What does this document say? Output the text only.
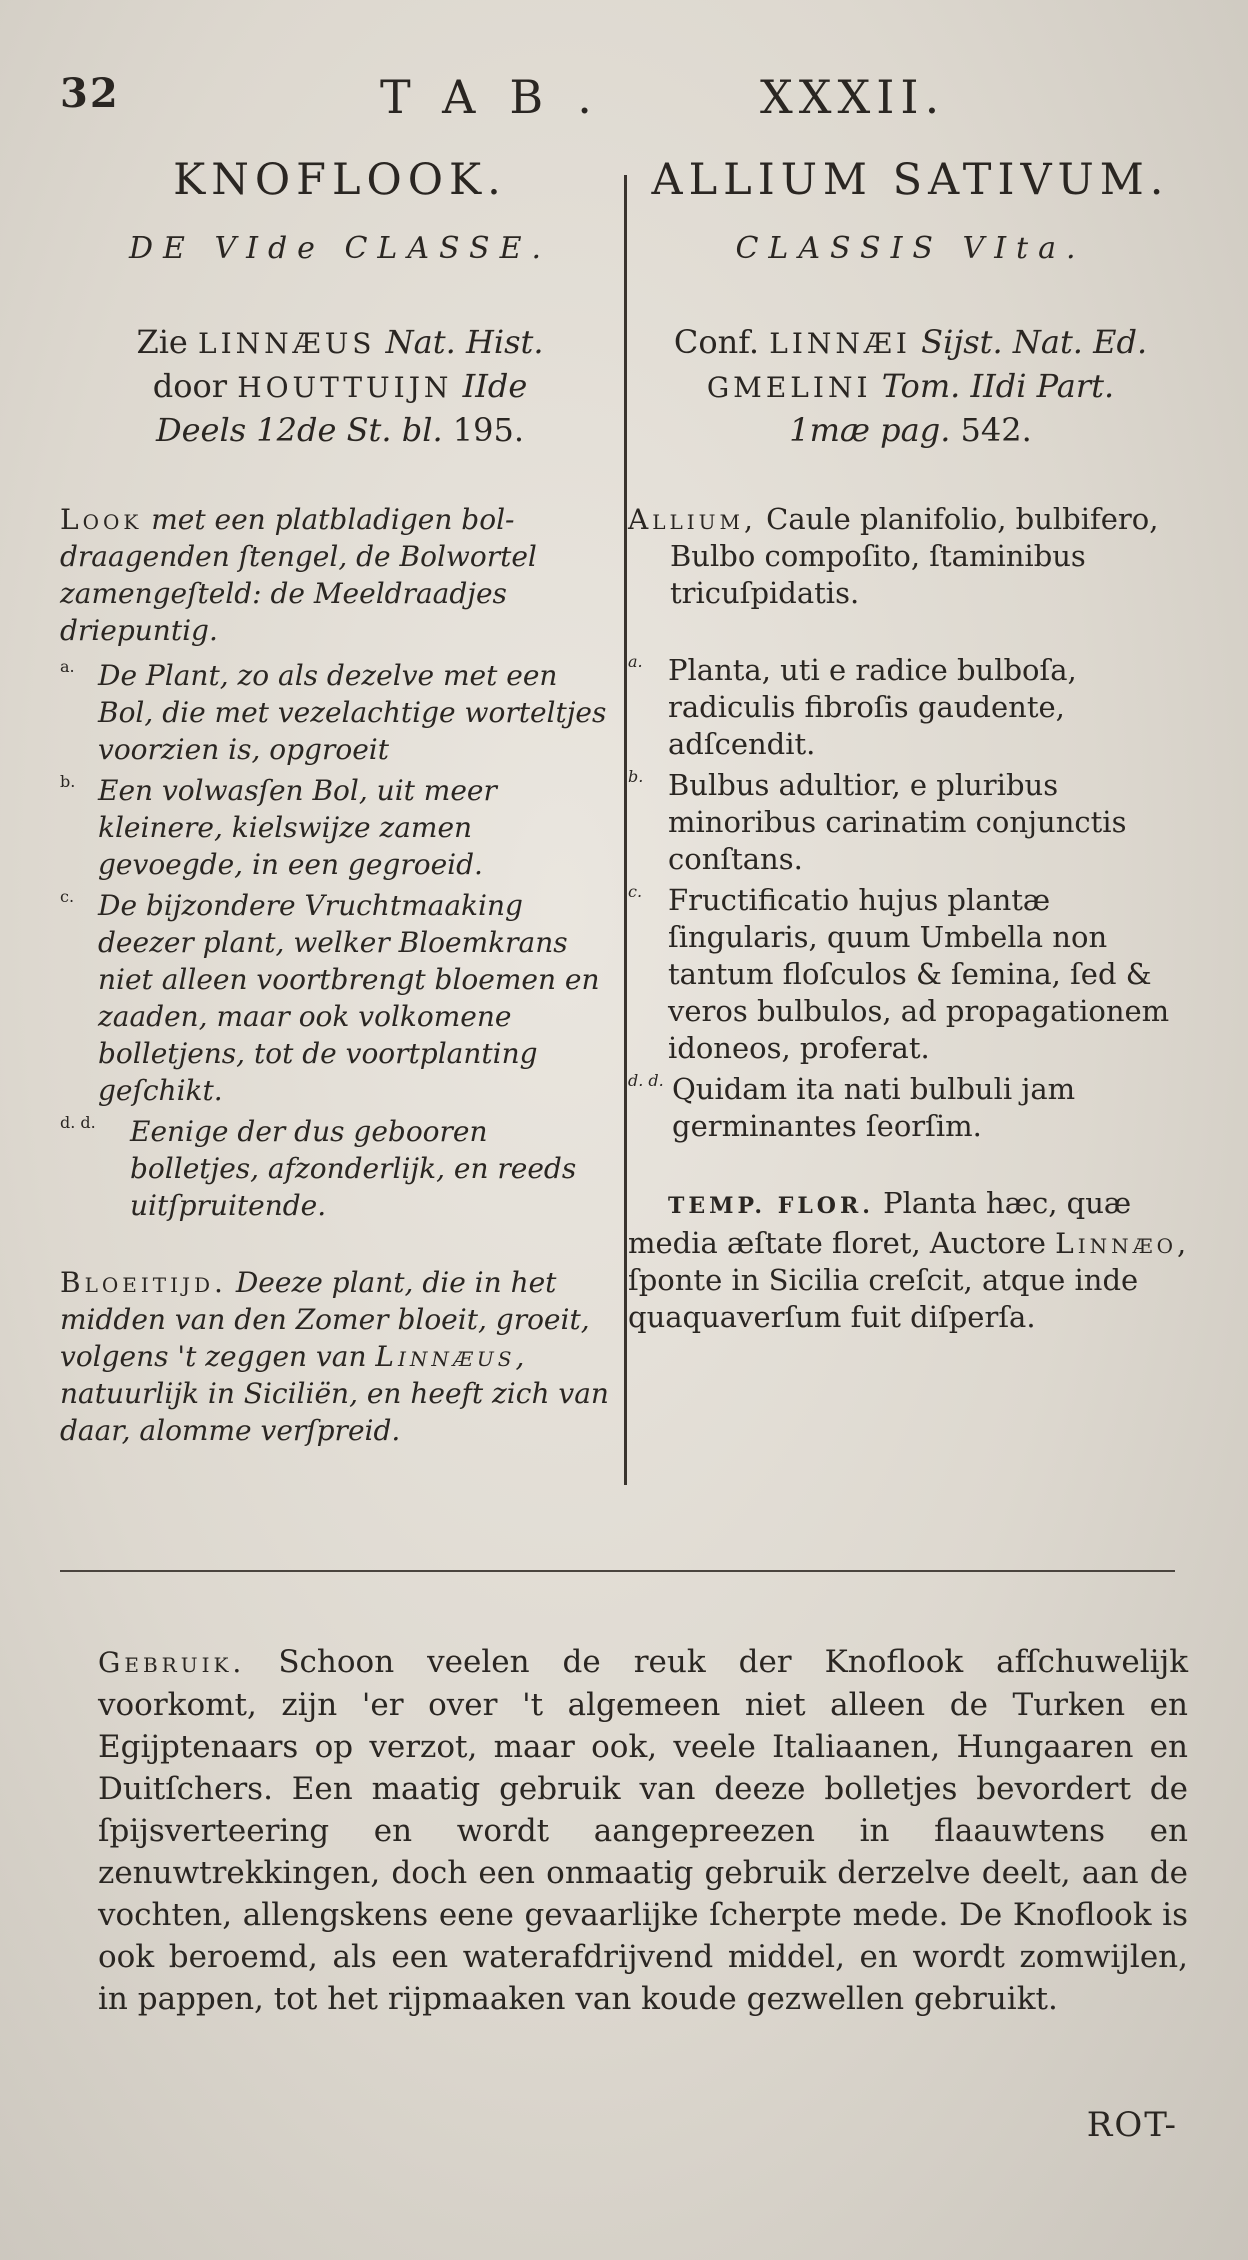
32	TAB.	XXXII.
KNOFLOOK.
DE VIde CLASSE.
Zie LINNÆUS Nat. Hist.
door HOUTTUIJN IIde
Deels 12de St. bl. 195.

Look met een platbladigen bol-draagenden ſtengel, de Bolwortel zamengeſteld: de Meeldraadjes driepuntig.

a. De Plant, zo als dezelve met een Bol, die met vezelachtige worteltjes voorzien is, opgroeit
b. Een volwasſen Bol, uit meer kleinere, kielswijze zamen gevoegde, in een gegroeid.
c. De bijzondere Vruchtmaaking deezer plant, welker Bloemkrans niet alleen voortbrengt bloemen en zaaden, maar ook volkomene bolletjens, tot de voortplanting geſchikt.
d. d.	Eenige der dus gebooren bolletjes, afzonderlijk, en reeds uitſpruitende.

Bloeitijd. Deeze plant, die in het midden van den Zomer bloeit, groeit, volgens 't zeggen van Linnæus, natuurlijk in Siciliën, en heeft zich van daar, alomme verſpreid.

ALLIUM SATIVUM.
CLASSIS VIta.
Conf. LINNÆI Sijst. Nat. Ed.
GMELINI Tom. IIdi Part.
1mæ pag. 542.

Allium, Caule planifolio, bulbifero, Bulbo compoſito, ſtaminibus tricuſpidatis.

a. Planta, uti e radice bulboſa, radiculis fibroſis gaudente, adſcendit.
b. Bulbus adultior, e pluribus minoribus carinatim conjunctis conſtans.
c. Fructificatio hujus plantæ ſingularis, quum Umbella non tantum floſculos & ſemina, ſed & veros bulbulos, ad propagationem idoneos, proferat.
d. d. Quidam ita nati bulbuli jam germinantes ſeorſim.

TEMP. FLOR. Planta hæc, quæ media æſtate floret, Auctore Linnæo, ſponte in Sicilia creſcit, atque inde quaquaverſum fuit diſperſa.

Gebruik. Schoon veelen de reuk der Knoflook afſchuwelijk voorkomt, zijn 'er over 't algemeen niet alleen de Turken en Egijptenaars op verzot, maar ook, veele Italiaanen, Hungaaren en Duitſchers. Een maatig gebruik van deeze bolletjes bevordert de ſpijsverteering en wordt aangepreezen in flaauwtens en zenuwtrekkingen, doch een onmaatig gebruik derzelve deelt, aan de vochten, allengskens eene gevaarlijke ſcherpte mede. De Knoflook is ook beroemd, als een waterafdrijvend middel, en wordt zomwijlen, in pappen, tot het rijpmaaken van koude gezwellen gebruikt.

ROT-
